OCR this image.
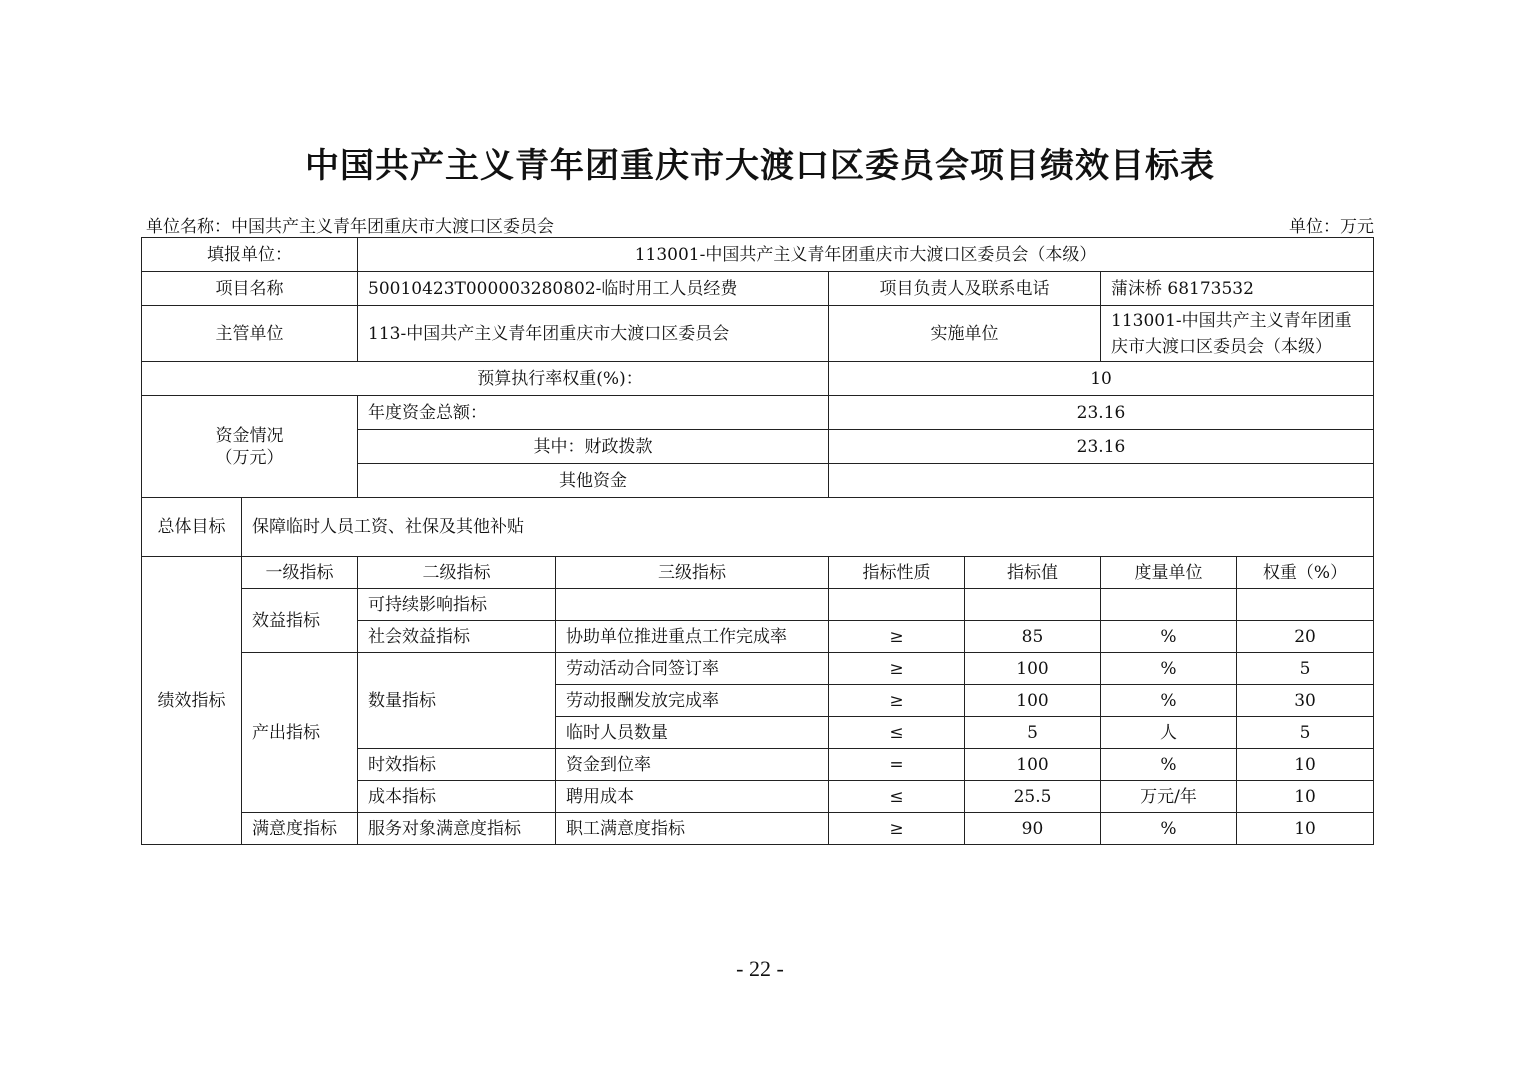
中国共产主义青年团重庆市大渡口区委员会项目绩效目标表
单位名称：中国共产主义青年团重庆市大渡口区委员会	单位：万元
填报单位：		113001-中国共产主义青年团重庆市大渡口区委员会（本级）					
项目名称		50010423T000003280802-临时用工人员经费		项目负责人及联系电话		蒲沫桥 68173532	
主管单位		113-中国共产主义青年团重庆市大渡口区委员会		实施单位		113001-中国共产主义青年团重庆市大渡口区委员会（本级）	
预算执行率权重(%)：				10			

资金情况
（万元）		年度资金总额：		23.16			
		其中：财政拨款		23.16			
		其他资金					
总体目标	保障临时人员工资、社保及其他补贴						
绩效指标	一级指标	二级指标	三级指标	指标性质	指标值	度量单位	权重（%）
	效益指标	可持续影响指标					
		社会效益指标	协助单位推进重点工作完成率	≥	85	%	20
	产出指标	数量指标	劳动活动合同签订率	≥	100	%	5
			劳动报酬发放完成率	≥	100	%	30
			临时人员数量	≤	5	人	5
		时效指标	资金到位率	=	100	%	10
		成本指标	聘用成本	≤	25.5	万元/年	10
	满意度指标	服务对象满意度指标	职工满意度指标	≥	90	%	10
- 22 -
